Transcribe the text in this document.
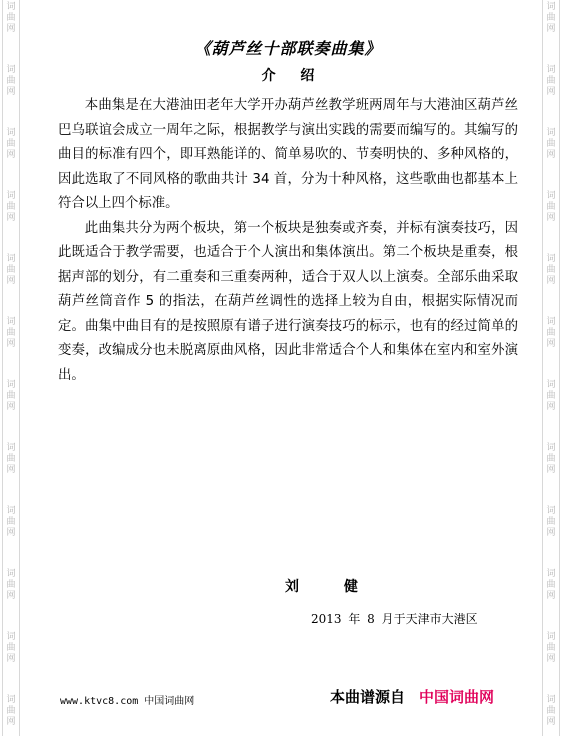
词
曲
网
词
曲
网
词
曲
网
词
曲
网
词
曲
网
词
曲
网
词
曲
网
词
曲
网
词
曲
网
词
曲
网
词
曲
网
词
曲
网
词
曲
网
词
曲
网
词
曲
网
词
曲
网
词
曲
网
词
曲
网
词
曲
网
词
曲
网
词
曲
网
词
曲
网
词
曲
网
词
曲
网
《葫芦丝十部联奏曲集》
介 绍

本曲集是在大港油田老年大学开办葫芦丝教学班两周年与大港油区葫芦丝巴乌联谊会成立一周年之际，根据教学与演出实践的需要而编写的。其编写的曲目的标准有四个，即耳熟能详的、简单易吹的、节奏明快的、多种风格的，因此选取了不同风格的歌曲共计 34 首，分为十种风格，这些歌曲也都基本上符合以上四个标准。

此曲集共分为两个板块，第一个板块是独奏或齐奏，并标有演奏技巧，因此既适合于教学需要，也适合于个人演出和集体演出。第二个板块是重奏，根据声部的划分，有二重奏和三重奏两种，适合于双人以上演奏。全部乐曲采取葫芦丝筒音作 5 的指法，在葫芦丝调性的选择上较为自由，根据实际情况而定。曲集中曲目有的是按照原有谱子进行演奏技巧的标示，也有的经过简单的变奏，改编成分也未脱离原曲风格，因此非常适合个人和集体在室内和室外演出。

刘 健
2013 年 8 月于天津市大港区
www.ktvc8.com 中国词曲网	本曲谱源自 中国词曲网
